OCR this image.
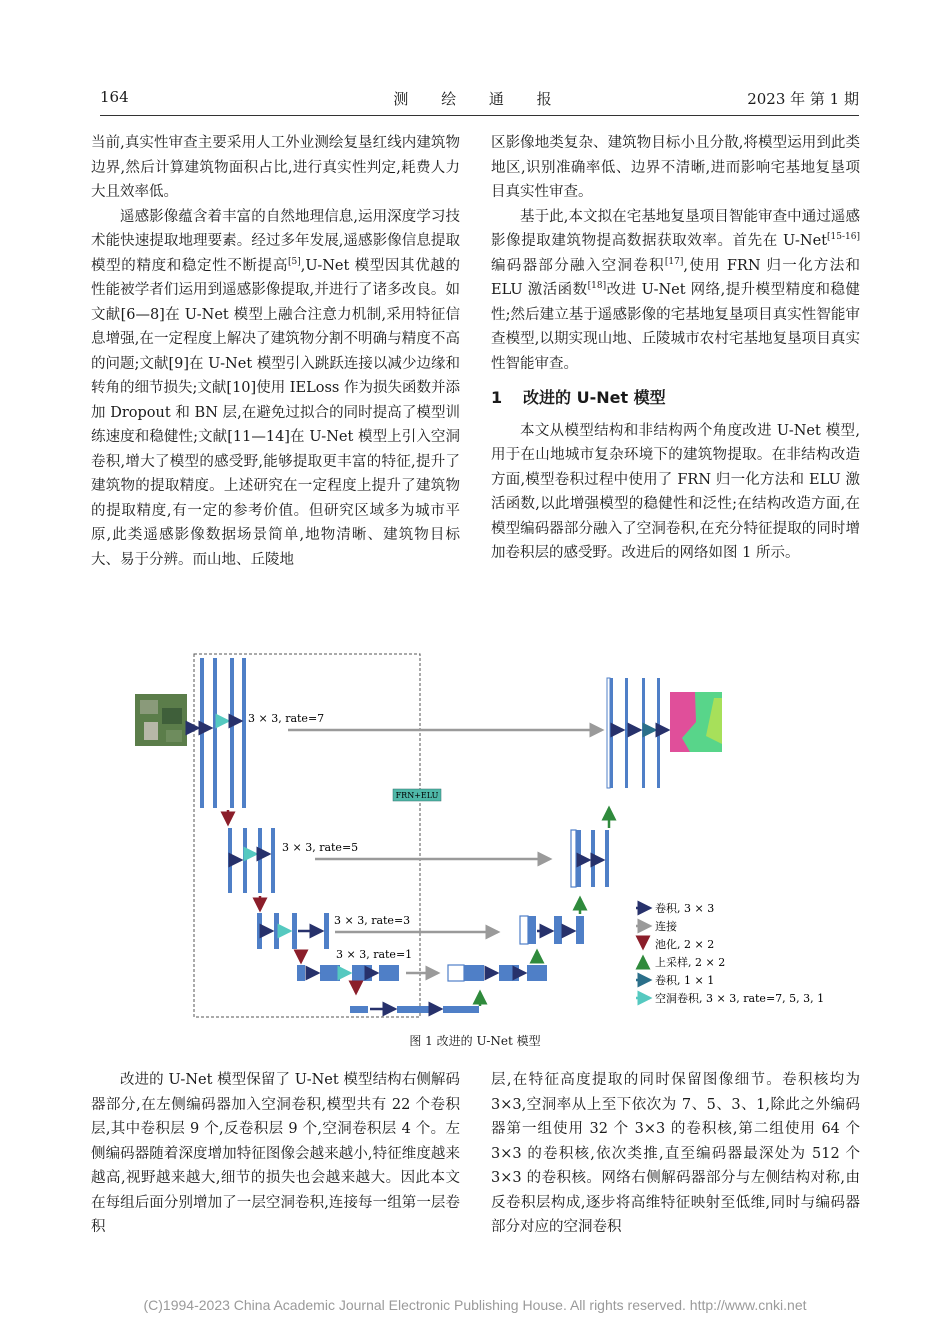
164	测 绘 通 报	2023 年 第 1 期

当前,真实性审查主要采用人工外业测绘复垦红线内建筑物边界,然后计算建筑物面积占比,进行真实性判定,耗费人力大且效率低。

遥感影像蕴含着丰富的自然地理信息,运用深度学习技术能快速提取地理要素。经过多年发展,遥感影像信息提取模型的精度和稳定性不断提高[5],U-Net 模型因其优越的性能被学者们运用到遥感影像提取,并进行了诸多改良。如文献[6—8]在 U-Net 模型上融合注意力机制,采用特征信息增强,在一定程度上解决了建筑物分割不明确与精度不高的问题;文献[9]在 U-Net 模型引入跳跃连接以减少边缘和转角的细节损失;文献[10]使用 IELoss 作为损失函数并添加 Dropout 和 BN 层,在避免过拟合的同时提高了模型训练速度和稳健性;文献[11—14]在 U-Net 模型上引入空洞卷积,增大了模型的感受野,能够提取更丰富的特征,提升了建筑物的提取精度。上述研究在一定程度上提升了建筑物的提取精度,有一定的参考价值。但研究区域多为城市平原,此类遥感影像数据场景简单,地物清晰、建筑物目标大、易于分辨。而山地、丘陵地

区影像地类复杂、建筑物目标小且分散,将模型运用到此类地区,识别准确率低、边界不清晰,进而影响宅基地复垦项目真实性审查。

基于此,本文拟在宅基地复垦项目智能审查中通过遥感影像提取建筑物提高数据获取效率。首先在 U-Net[15-16]编码器部分融入空洞卷积[17],使用 FRN 归一化方法和 ELU 激活函数[18]改进 U-Net 网络,提升模型精度和稳健性;然后建立基于遥感影像的宅基地复垦项目真实性智能审查模型,以期实现山地、丘陵城市农村宅基地复垦项目真实性智能审查。

1 改进的 U-Net 模型

本文从模型结构和非结构两个角度改进 U-Net 模型,用于在山地城市复杂环境下的建筑物提取。在非结构改造方面,模型卷积过程中使用了 FRN 归一化方法和 ELU 激活函数,以此增强模型的稳健性和泛性;在结构改造方面,在模型编码器部分融入了空洞卷积,在充分特征提取的同时增加卷积层的感受野。改进后的网络如图 1 所示。

3 × 3, rate=7
FRN+ELU
3 × 3, rate=5
3 × 3, rate=3
3 × 3, rate=1
卷积, 3 × 3
连接
池化, 2 × 2
上采样, 2 × 2
卷积, 1 × 1
空洞卷积, 3 × 3, rate=7, 5, 3, 1
图 1 改进的 U-Net 模型

改进的 U-Net 模型保留了 U-Net 模型结构右侧解码器部分,在左侧编码器加入空洞卷积,模型共有 22 个卷积层,其中卷积层 9 个,反卷积层 9 个,空洞卷积层 4 个。左侧编码器随着深度增加特征图像会越来越小,特征维度越来越高,视野越来越大,细节的损失也会越来越大。因此本文在每组后面分别增加了一层空洞卷积,连接每一组第一层卷积

层,在特征高度提取的同时保留图像细节。卷积核均为 3×3,空洞率从上至下依次为 7、5、3、1,除此之外编码器第一组使用 32 个 3×3 的卷积核,第二组使用 64 个 3×3 的卷积核,依次类推,直至编码器最深处为 512 个 3×3 的卷积核。网络右侧解码器部分与左侧结构对称,由反卷积层构成,逐步将高维特征映射至低维,同时与编码器部分对应的空洞卷积

(C)1994-2023 China Academic Journal Electronic Publishing House. All rights reserved. http://www.cnki.net
